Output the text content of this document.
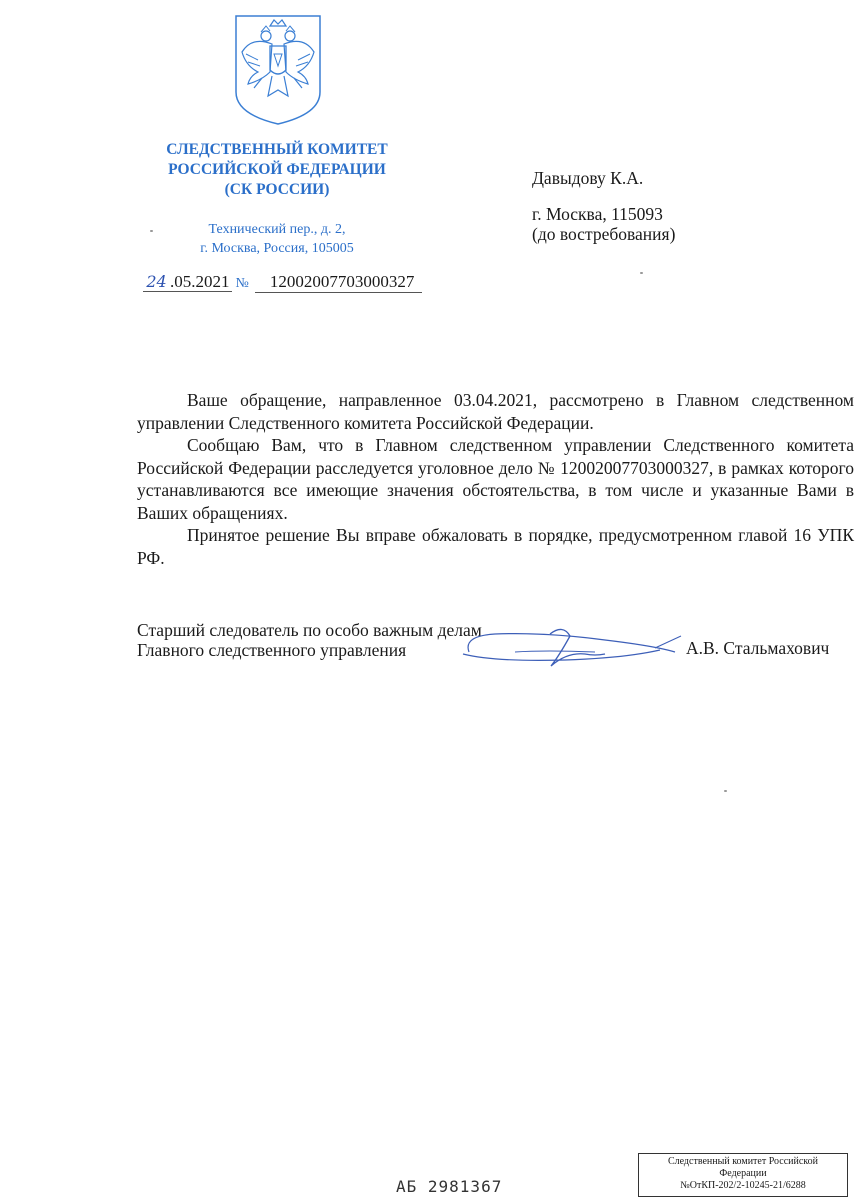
СЛЕДСТВЕННЫЙ КОМИТЕТ
РОССИЙСКОЙ ФЕДЕРАЦИИ
(СК РОССИИ)
Технический пер., д. 2,
г. Москва, Россия, 105005
24 .05.2021 № 12002007703000327
Давыдову К.А.
г. Москва, 115093
(до востребования)

Ваше обращение, направленное 03.04.2021, рассмотрено в Главном следственном управлении Следственного комитета Российской Федерации.

Сообщаю Вам, что в Главном следственном управлении Следственного комитета Российской Федерации расследуется уголовное дело № 12002007703000327, в рамках которого устанавливаются все имеющие значения обстоятельства, в том числе и указанные Вами в Ваших обращениях.

Принятое решение Вы вправе обжаловать в порядке, предусмотренном главой 16 УПК РФ.

Старший следователь по особо важным делам
Главного следственного управления	А.В. Стальмахович
АБ 2981367
Следственный комитет Российской
Федерации
№ОтКП-202/2-10245-21/6288
